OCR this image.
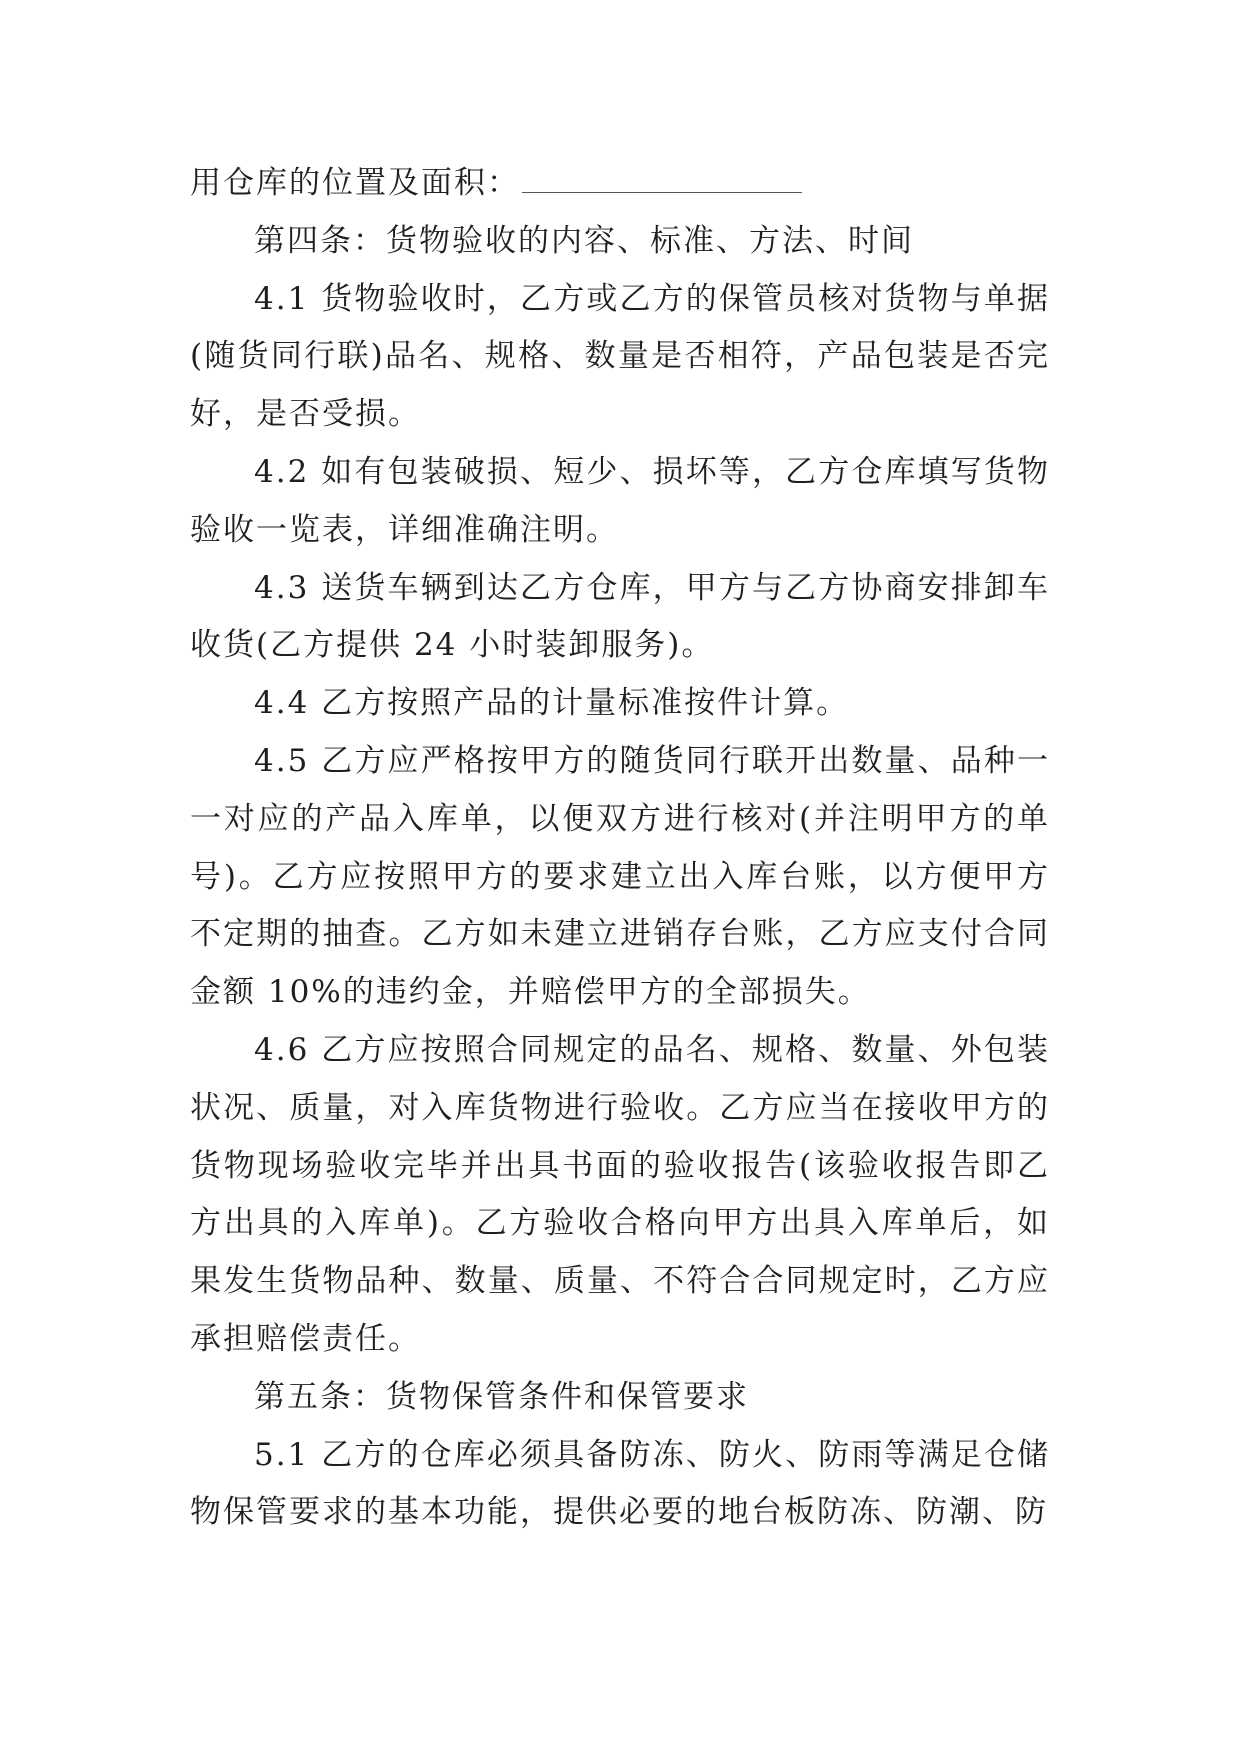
用仓库的位置及面积：

第四条：货物验收的内容、标准、方法、时间

4.1 货物验收时，乙方或乙方的保管员核对货物与单据(随货同行联)品名、规格、数量是否相符，产品包装是否完好，是否受损。

4.2 如有包装破损、短少、损坏等，乙方仓库填写货物验收一览表，详细准确注明。

4.3 送货车辆到达乙方仓库，甲方与乙方协商安排卸车收货(乙方提供 24 小时装卸服务)。

4.4 乙方按照产品的计量标准按件计算。

4.5 乙方应严格按甲方的随货同行联开出数量、品种一一对应的产品入库单，以便双方进行核对(并注明甲方的单号)。乙方应按照甲方的要求建立出入库台账，以方便甲方不定期的抽查。乙方如未建立进销存台账，乙方应支付合同金额 10%的违约金，并赔偿甲方的全部损失。

4.6 乙方应按照合同规定的品名、规格、数量、外包装状况、质量，对入库货物进行验收。乙方应当在接收甲方的货物现场验收完毕并出具书面的验收报告(该验收报告即乙方出具的入库单)。乙方验收合格向甲方出具入库单后，如果发生货物品种、数量、质量、不符合合同规定时，乙方应承担赔偿责任。

第五条：货物保管条件和保管要求

5.1 乙方的仓库必须具备防冻、防火、防雨等满足仓储物保管要求的基本功能，提供必要的地台板防冻、防潮、防
